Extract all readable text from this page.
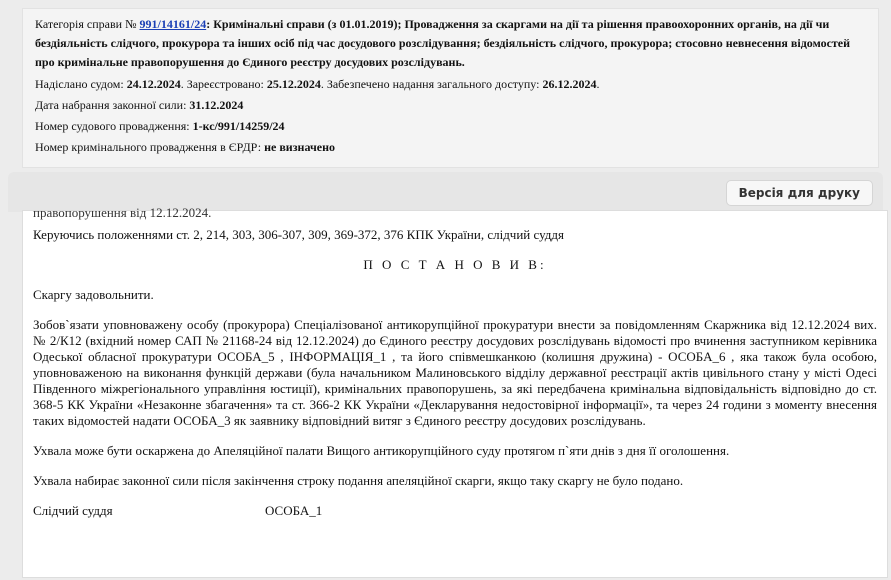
Категорія справи № 991/14161/24: Кримінальні справи (з 01.01.2019); Провадження за скаргами на дії та рішення правоохоронних органів, на дії чи бездіяльність слідчого, прокурора та інших осіб під час досудового розслідування; бездіяльність слідчого, прокурора; стосовно невнесення відомостей про кримінальне правопорушення до Єдиного реєстру досудових розслідувань.
Надіслано судом: 24.12.2024. Зареєстровано: 25.12.2024. Забезпечено надання загального доступу: 26.12.2024.
Дата набрання законної сили: 31.12.2024
Номер судового провадження: 1-кс/991/14259/24
Номер кримінального провадження в ЄРДР: не визначено
Версія для друку

правопорушення від 12.12.2024.

Керуючись положеннями ст. 2, 214, 303, 306-307, 309, 369-372, 376 КПК України, слідчий суддя

П О С Т А Н О В И В:

Скаргу задовольнити.

Зобов`язати уповноважену особу (прокурора) Спеціалізованої антикорупційної прокуратури внести за повідомленням Скаржника від 12.12.2024 вих. № 2/К12 (вхідний номер САП № 21168-24 від 12.12.2024) до Єдиного реєстру досудових розслідувань відомості про вчинення заступником керівника Одеської обласної прокуратури ОСОБА_5 , ІНФОРМАЦІЯ_1 , та його співмешканкою (колишня дружина) - ОСОБА_6 , яка також була особою, уповноваженою на виконання функцій держави (була начальником Малиновського відділу державної реєстрації актів цивільного стану у місті Одесі Південного міжрегіонального управління юстиції), кримінальних правопорушень, за які передбачена кримінальна відповідальність відповідно до ст. 368-5 КК України «Незаконне збагачення» та ст. 366-2 КК України «Декларування недостовірної інформації», та через 24 години з моменту внесення таких відомостей надати ОСОБА_3 як заявнику відповідний витяг з Єдиного реєстру досудових розслідувань.

Ухвала може бути оскаржена до Апеляційної палати Вищого антикорупційного суду протягом п`яти днів з дня її оголошення.

Ухвала набирає законної сили після закінчення строку подання апеляційної скарги, якщо таку скаргу не було подано.

Слідчий суддя	ОСОБА_1
